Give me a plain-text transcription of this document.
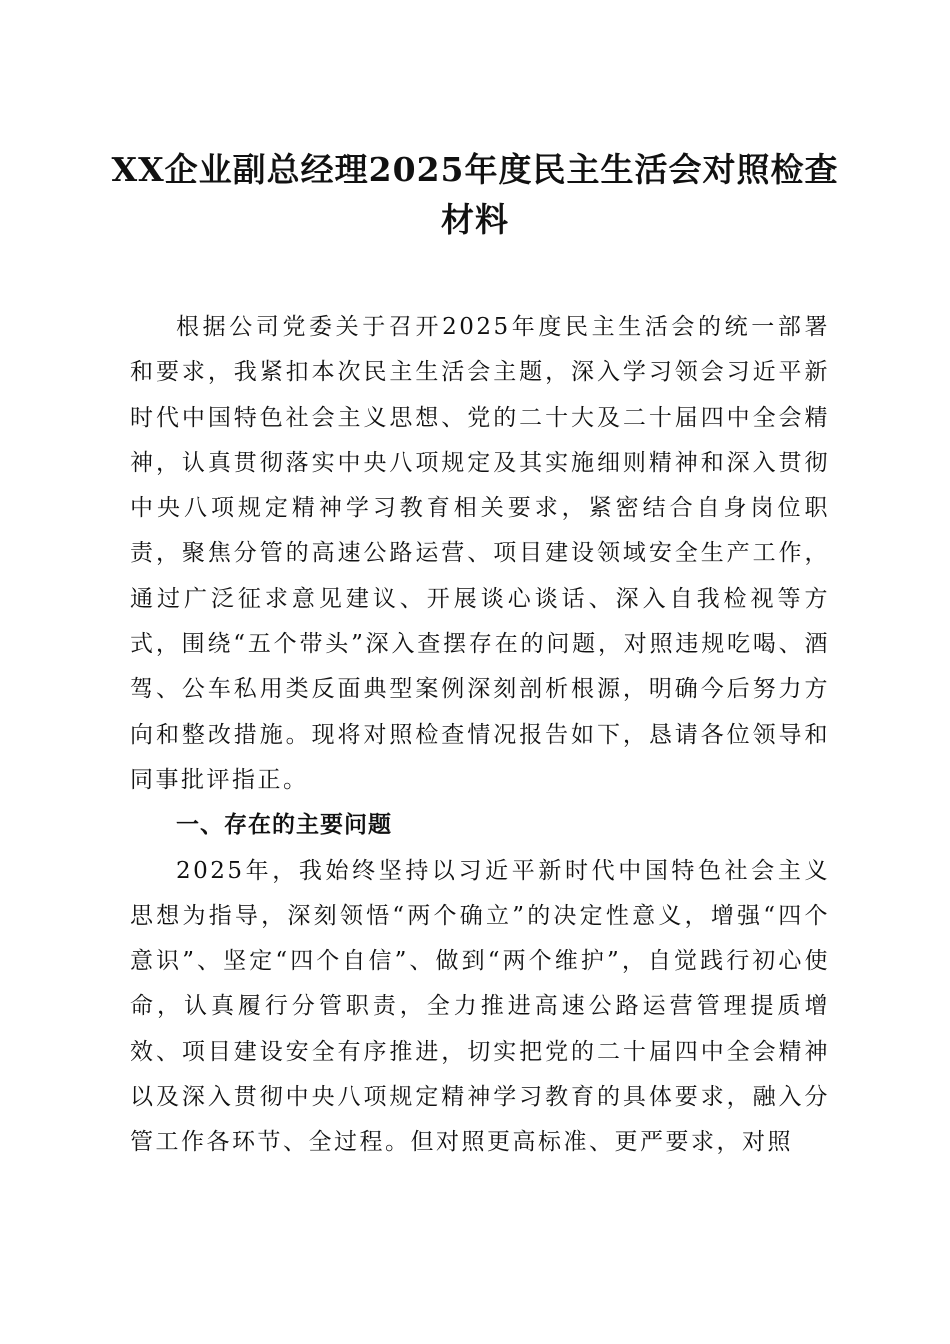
XX企业副总经理2025年度民主生活会对照检查材料

根据公司党委关于召开2025年度民主生活会的统一部署和要求，我紧扣本次民主生活会主题，深入学习领会习近平新时代中国特色社会主义思想、党的二十大及二十届四中全会精神，认真贯彻落实中央八项规定及其实施细则精神和深入贯彻中央八项规定精神学习教育相关要求，紧密结合自身岗位职责，聚焦分管的高速公路运营、项目建设领域安全生产工作，通过广泛征求意见建议、开展谈心谈话、深入自我检视等方式，围绕“五个带头”深入查摆存在的问题，对照违规吃喝、酒驾、公车私用类反面典型案例深刻剖析根源，明确今后努力方向和整改措施。现将对照检查情况报告如下，恳请各位领导和同事批评指正。

一、存在的主要问题

2025年，我始终坚持以习近平新时代中国特色社会主义思想为指导，深刻领悟“两个确立”的决定性意义，增强“四个意识”、坚定“四个自信”、做到“两个维护”，自觉践行初心使命，认真履行分管职责，全力推进高速公路运营管理提质增效、项目建设安全有序推进，切实把党的二十届四中全会精神以及深入贯彻中央八项规定精神学习教育的具体要求，融入分管工作各环节、全过程。但对照更高标准、更严要求，对照
